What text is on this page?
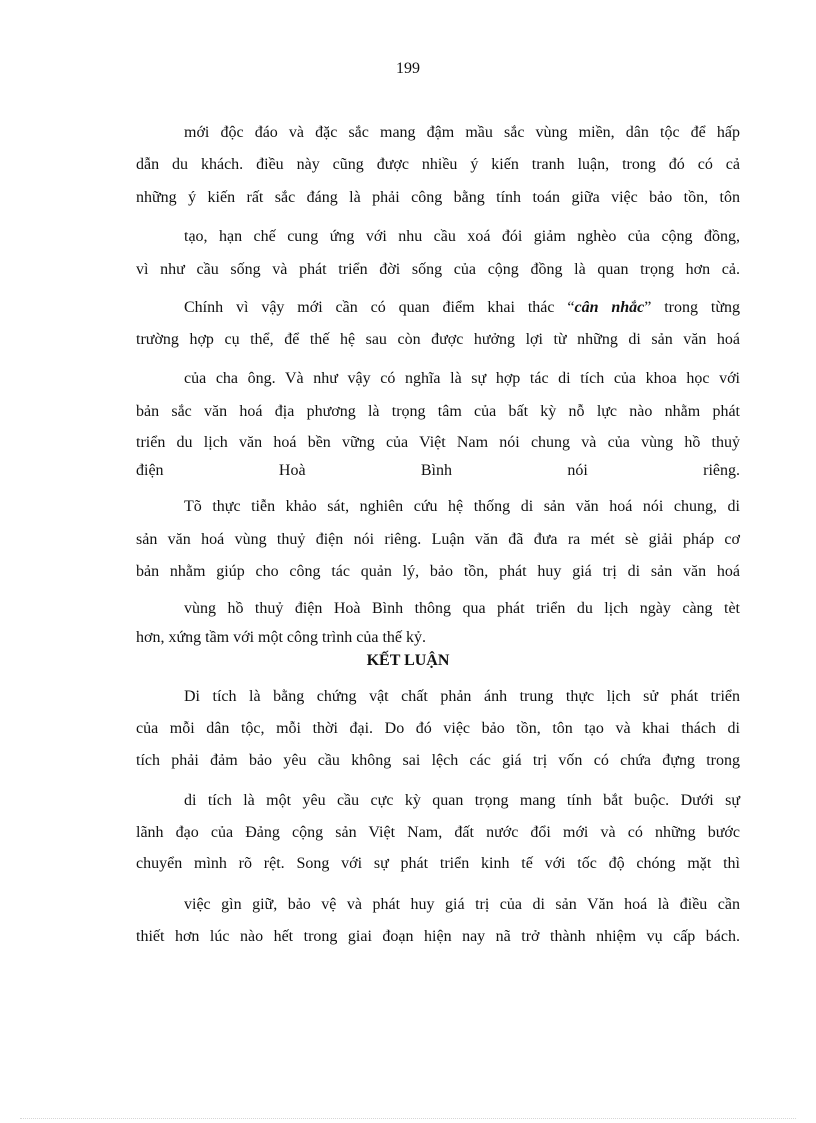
199
mới độc đáo và đặc sắc mang đậm mầu sắc vùng miền, dân tộc để hấp
dẫn du khách. điều này cũng được nhiều ý kiến tranh luận, trong đó có cả
những ý kiến rất sắc đáng là phải công bằng tính toán giữa việc bảo tồn, tôn
tạo, hạn chế cung ứng với nhu cầu xoá đói giảm nghèo của cộng đồng,
vì như cầu sống và phát triển đời sống của cộng đồng là quan trọng hơn cả.
Chính vì vậy mới cần có quan điểm khai thác “cân nhắc” trong từng
trường hợp cụ thể, để thế hệ sau còn được hưởng lợi từ những di sản văn hoá
của cha ông. Và như vậy có nghĩa là sự hợp tác di tích của khoa học với
bản sắc văn hoá địa phương là trọng tâm của bất kỳ nỗ lực nào nhằm phát
triển du lịch văn hoá bền vững của Việt Nam nói chung và của vùng hồ thuỷ
điện Hoà Bình nói riêng.
Tõ thực tiễn khảo sát, nghiên cứu hệ thống di sản văn hoá nói chung, di
sản văn hoá vùng thuỷ điện nói riêng. Luận văn đã đưa ra mét sè giải pháp cơ
bản nhằm giúp cho công tác quản lý, bảo tồn, phát huy giá trị di sản văn hoá
vùng hồ thuỷ điện Hoà Bình thông qua phát triển du lịch ngày càng tèt
hơn, xứng tầm với một công trình của thế kỷ.
KẾT LUẬN
Di tích là bằng chứng vật chất phản ánh trung thực lịch sử phát triển
của mỗi dân tộc, mỗi thời đại. Do đó việc bảo tồn, tôn tạo và khai thách di
tích phải đảm bảo yêu cầu không sai lệch các giá trị vốn có chứa đựng trong
di tích là một yêu cầu cực kỳ quan trọng mang tính bắt buộc. Dưới sự
lãnh đạo của Đảng cộng sản Việt Nam, đất nước đổi mới và có những bước
chuyển mình rõ rệt. Song với sự phát triển kinh tế với tốc độ chóng mặt thì
việc gìn giữ, bảo vệ và phát huy giá trị của di sản Văn hoá là điều cần
thiết hơn lúc nào hết trong giai đoạn hiện nay nã trở thành nhiệm vụ cấp bách.
